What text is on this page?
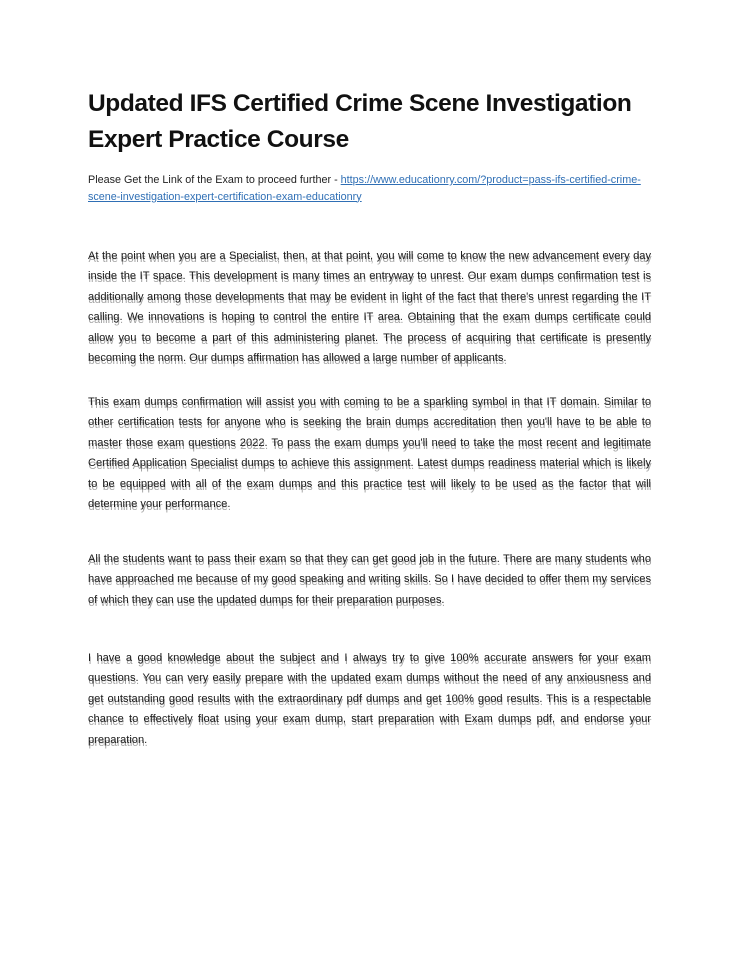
Updated IFS Certified Crime Scene Investigation Expert Practice Course

Please Get the Link of the Exam to proceed further - https://www.educationry.com/?product=pass-ifs-certified-crime-scene-investigation-expert-certification-exam-educationry

At the point when you are a Specialist, then, at that point, you will come to know the new advancement every day inside the IT space. This development is many times an entryway to unrest. Our exam dumps confirmation test is additionally among those developments that may be evident in light of the fact that there's unrest regarding the IT calling. We innovations is hoping to control the entire IT area. Obtaining that the exam dumps certificate could allow you to become a part of this administering planet. The process of acquiring that certificate is presently becoming the norm. Our dumps affirmation has allowed a large number of applicants.

This exam dumps confirmation will assist you with coming to be a sparkling symbol in that IT domain. Similar to other certification tests for anyone who is seeking the brain dumps accreditation then you'll have to be able to master those exam questions 2022. To pass the exam dumps you'll need to take the most recent and legitimate Certified Application Specialist dumps to achieve this assignment. Latest dumps readiness material which is likely to be equipped with all of the exam dumps and this practice test will likely to be used as the factor that will determine your performance.

All the students want to pass their exam so that they can get good job in the future. There are many students who have approached me because of my good speaking and writing skills. So I have decided to offer them my services of which they can use the updated dumps for their preparation purposes.

I have a good knowledge about the subject and I always try to give 100% accurate answers for your exam questions. You can very easily prepare with the updated exam dumps without the need of any anxiousness and get outstanding good results with the extraordinary pdf dumps and get 100% good results. This is a respectable chance to effectively float using your exam dump, start preparation with Exam dumps pdf, and endorse your preparation.
